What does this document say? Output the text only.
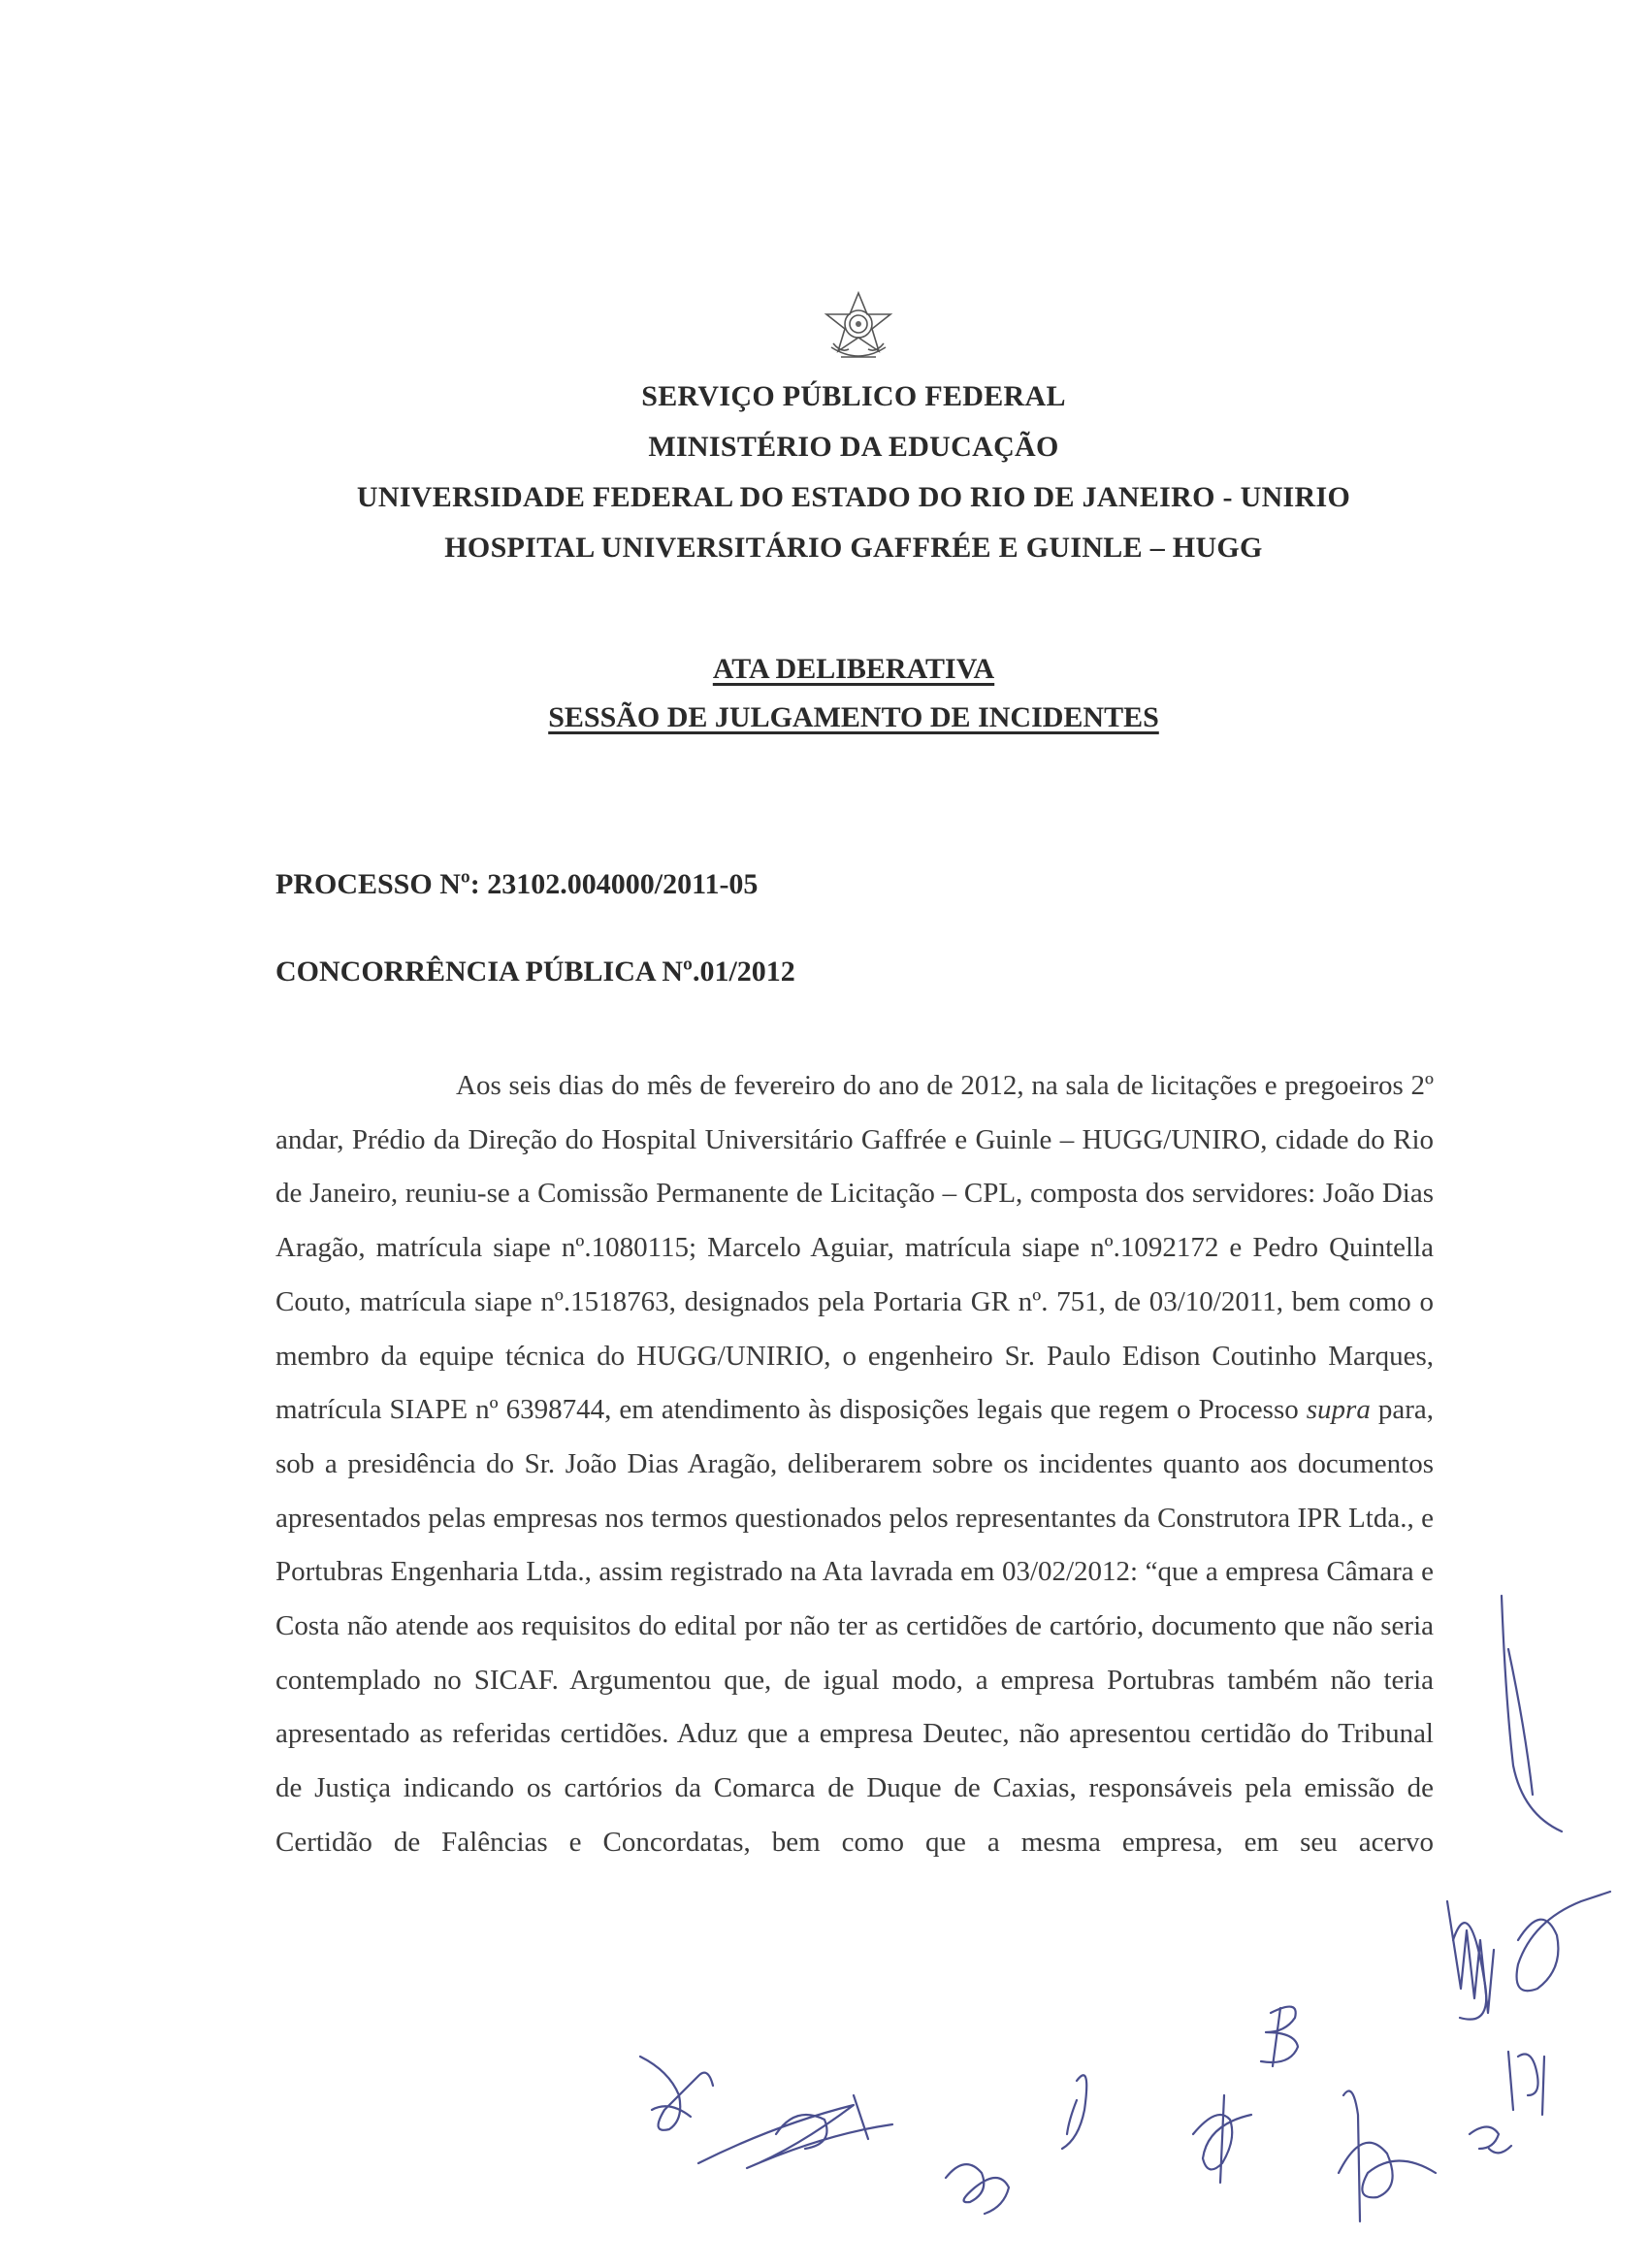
SERVIÇO PÚBLICO FEDERAL
MINISTÉRIO DA EDUCAÇÃO
UNIVERSIDADE FEDERAL DO ESTADO DO RIO DE JANEIRO - UNIRIO
HOSPITAL UNIVERSITÁRIO GAFFRÉE E GUINLE – HUGG
ATA DELIBERATIVA
SESSÃO DE JULGAMENTO DE INCIDENTES
PROCESSO Nº: 23102.004000/2011-05
CONCORRÊNCIA PÚBLICA Nº.01/2012

Aos seis dias do mês de fevereiro do ano de 2012, na sala de licitações e pregoeiros 2º andar, Prédio da Direção do Hospital Universitário Gaffrée e Guinle – HUGG/UNIRO, cidade do Rio de Janeiro, reuniu-se a Comissão Permanente de Licitação – CPL, composta dos servidores: João Dias Aragão, matrícula siape nº.1080115; Marcelo Aguiar, matrícula siape nº.1092172 e Pedro Quintella Couto, matrícula siape nº.1518763, designados pela Portaria GR nº. 751, de 03/10/2011, bem como o membro da equipe técnica do HUGG/UNIRIO, o engenheiro Sr. Paulo Edison Coutinho Marques, matrícula SIAPE nº 6398744, em atendimento às disposições legais que regem o Processo supra para, sob a presidência do Sr. João Dias Aragão, deliberarem sobre os incidentes quanto aos documentos apresentados pelas empresas nos termos questionados pelos representantes da Construtora IPR Ltda., e Portubras Engenharia Ltda., assim registrado na Ata lavrada em 03/02/2012: “que a empresa Câmara e Costa não atende aos requisitos do edital por não ter as certidões de cartório, documento que não seria contemplado no SICAF. Argumentou que, de igual modo, a empresa Portubras também não teria apresentado as referidas certidões. Aduz que a empresa Deutec, não apresentou certidão do Tribunal de Justiça indicando os cartórios da Comarca de Duque de Caxias, responsáveis pela emissão de Certidão de Falências e Concordatas, bem como que a mesma empresa, em seu acervo
